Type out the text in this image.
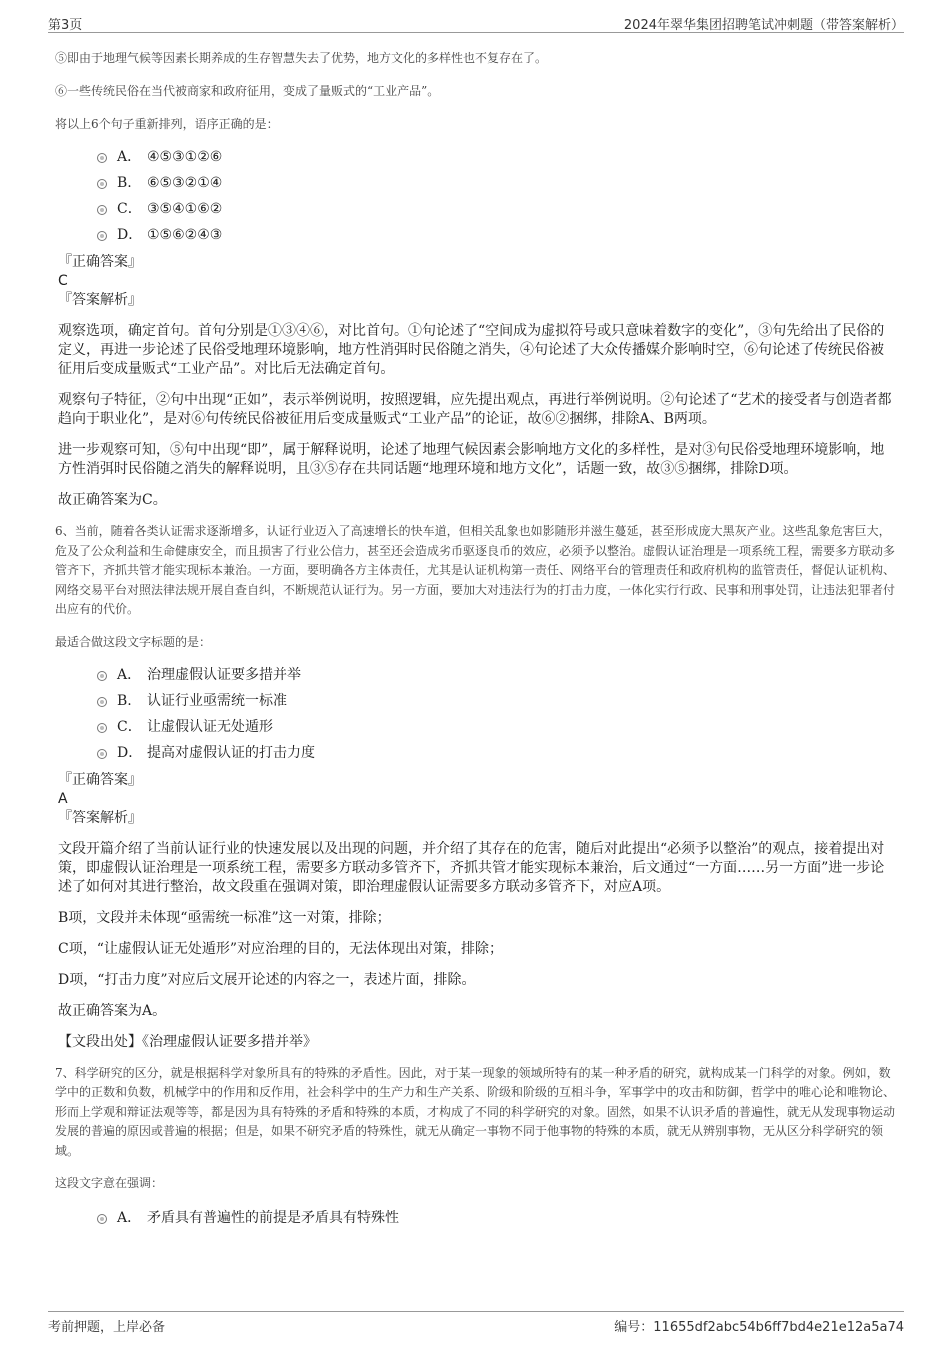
第3页	2024年翠华集团招聘笔试冲刺题（带答案解析）

⑤即由于地理气候等因素长期养成的生存智慧失去了优势，地方文化的多样性也不复存在了。

⑥一些传统民俗在当代被商家和政府征用，变成了量贩式的“工业产品”。

将以上6个句子重新排列，语序正确的是：

A． ④⑤③①②⑥
B. ⑥⑤③②①④
C． ③⑤④①⑥②
D． ①⑤⑥②④③

『正确答案』

C

『答案解析』

观察选项，确定首句。首句分别是①③④⑥，对比首句。①句论述了“空间成为虚拟符号或只意味着数字的变化”，③句先给出了民俗的定义，再进一步论述了民俗受地理环境影响，地方性消弭时民俗随之消失，④句论述了大众传播媒介影响时空，⑥句论述了传统民俗被征用后变成量贩式“工业产品”。对比后无法确定首句。

观察句子特征，②句中出现“正如”，表示举例说明，按照逻辑，应先提出观点，再进行举例说明。②句论述了“艺术的接受者与创造者都趋向于职业化”，是对⑥句传统民俗被征用后变成量贩式“工业产品”的论证，故⑥②捆绑，排除A、B两项。

进一步观察可知，⑤句中出现“即”，属于解释说明，论述了地理气候因素会影响地方文化的多样性，是对③句民俗受地理环境影响，地方性消弭时民俗随之消失的解释说明，且③⑤存在共同话题“地理环境和地方文化”，话题一致，故③⑤捆绑，排除D项。

故正确答案为C。

6、当前，随着各类认证需求逐渐增多，认证行业迈入了高速增长的快车道，但相关乱象也如影随形并滋生蔓延，甚至形成庞大黑灰产业。这些乱象危害巨大，危及了公众利益和生命健康安全，而且损害了行业公信力，甚至还会造成劣币驱逐良币的效应，必须予以整治。虚假认证治理是一项系统工程，需要多方联动多管齐下，齐抓共管才能实现标本兼治。一方面，要明确各方主体责任，尤其是认证机构第一责任、网络平台的管理责任和政府机构的监管责任，督促认证机构、网络交易平台对照法律法规开展自查自纠，不断规范认证行为。另一方面，要加大对违法行为的打击力度，一体化实行行政、民事和刑事处罚，让违法犯罪者付出应有的代价。

最适合做这段文字标题的是：

A． 治理虚假认证要多措并举
B. 认证行业亟需统一标准
C． 让虚假认证无处遁形
D． 提高对虚假认证的打击力度

『正确答案』

A

『答案解析』

文段开篇介绍了当前认证行业的快速发展以及出现的问题，并介绍了其存在的危害，随后对此提出“必须予以整治”的观点，接着提出对策，即虚假认证治理是一项系统工程，需要多方联动多管齐下，齐抓共管才能实现标本兼治，后文通过“一方面……另一方面”进一步论述了如何对其进行整治，故文段重在强调对策，即治理虚假认证需要多方联动多管齐下，对应A项。

B项，文段并未体现“亟需统一标准”这一对策，排除；

C项，“让虚假认证无处遁形”对应治理的目的，无法体现出对策，排除；

D项，“打击力度”对应后文展开论述的内容之一，表述片面，排除。

故正确答案为A。

【文段出处】《治理虚假认证要多措并举》

7、科学研究的区分，就是根据科学对象所具有的特殊的矛盾性。因此，对于某一现象的领域所特有的某一种矛盾的研究，就构成某一门科学的对象。例如，数学中的正数和负数，机械学中的作用和反作用，社会科学中的生产力和生产关系、阶级和阶级的互相斗争，军事学中的攻击和防御，哲学中的唯心论和唯物论、形而上学观和辩证法观等等，都是因为具有特殊的矛盾和特殊的本质，才构成了不同的科学研究的对象。固然，如果不认识矛盾的普遍性，就无从发现事物运动发展的普遍的原因或普遍的根据；但是，如果不研究矛盾的特殊性，就无从确定一事物不同于他事物的特殊的本质，就无从辨别事物，无从区分科学研究的领域。

这段文字意在强调：

A． 矛盾具有普遍性的前提是矛盾具有特殊性
考前押题，上岸必备	编号：11655df2abc54b6ff7bd4e21e12a5a74
